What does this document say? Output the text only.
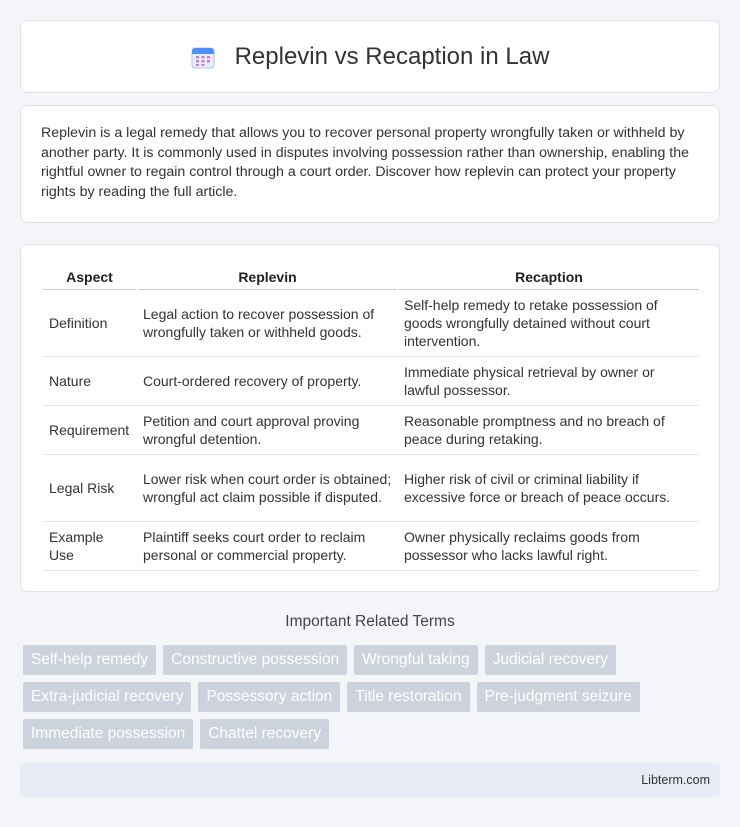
Replevin vs Recaption in Law

Replevin is a legal remedy that allows you to recover personal property wrongfully taken or withheld by another party. It is commonly used in disputes involving possession rather than ownership, enabling the rightful owner to regain control through a court order. Discover how replevin can protect your property rights by reading the full article.

Aspect	Replevin	Recaption
Definition	Legal action to recover possession of wrongfully taken or withheld goods.	Self-help remedy to retake possession of goods wrongfully detained without court intervention.
Nature	Court-ordered recovery of property.	Immediate physical retrieval by owner or lawful possessor.
Requirement	Petition and court approval proving wrongful detention.	Reasonable promptness and no breach of peace during retaking.
Legal Risk	Lower risk when court order is obtained; wrongful act claim possible if disputed.	Higher risk of civil or criminal liability if excessive force or breach of peace occurs.
Example Use	Plaintiff seeks court order to reclaim personal or commercial property.	Owner physically reclaims goods from possessor who lacks lawful right.
Important Related Terms
Self-help remedy	Constructive possession	Wrongful taking	Judicial recovery
Extra-judicial recovery	Possessory action	Title restoration	Pre-judgment seizure
Immediate possession	Chattel recovery
Libterm.com
